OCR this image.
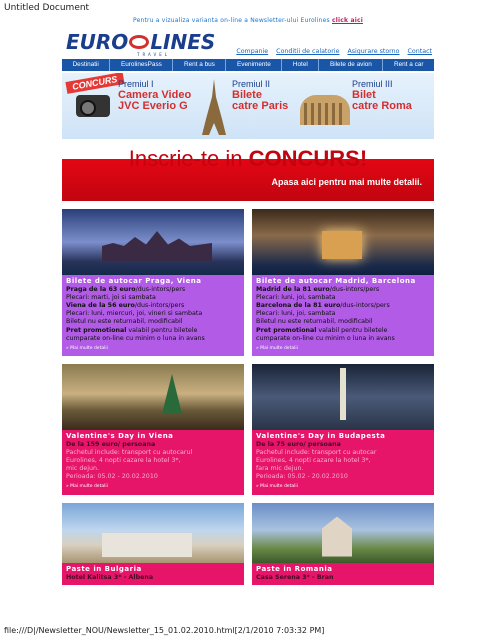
Untitled Document
Pentru a vizualiza varianta on-line a Newsletter-ului Eurolines click aici
EURO LINES
TRAVEL	Companie Conditii de calatorie Asigurare storno Contact
Destinatii	EurolinesPass	Rent a bus	Evenimente	Hotel	Bilete de avion	Rent a car
CONCURS Premiul I
Camera Video
JVC Everio G
Premiul II
Bilete
catre Paris
Premiul III
Bilet
catre Roma
Inscrie-te in CONCURS!
Apasa aici pentru mai multe detalii.
Bilete de autocar Praga, Viena
Praga de la 63 euro/dus-intors/pers
Plecari: marti, joi si sambata
Viena de la 56 euro/dus-intors/pers
Plecari: luni, miercuri, joi, vineri si sambata
Biletul nu este returnabil, modificabil
Pret promotional valabil pentru biletele
cumparate on-line cu minim o luna in avans
» Mai multe detalii
Bilete de autocar Madrid, Barcelona
Madrid de la 81 euro/dus-intors/pers
Plecari: luni, joi, sambata
Barcelona de la 81 euro/dus-intors/pers
Plecari: luni, joi, sambata
Biletul nu este returnabil, modificabil
Pret promotional valabil pentru biletele
cumparate on-line cu minim o luna in avans
» Mai multe detalii
Valentine's Day in Viena
De la 159 euro/ persoana
Pachetul include: transport cu autocarul
Eurolines, 4 nopti cazare la hotel 3*,
mic dejun.
Perioada: 05.02 - 20.02.2010
» Mai multe detalii
Valentine's Day in Budapesta
De la 75 euro/ persoana
Pachetul include: transport cu autocar
Eurolines, 4 nopti cazare la hotel 3*,
fara mic dejun.
Perioada: 05.02 - 20.02.2010
» Mai multe detalii
Paste in Bulgaria
Hotel Kalitsa 3* - Albena
Paste in Romania
Casa Serena 3* - Bran
file:///D|/Newsletter_NOU/Newsletter_15_01.02.2010.html[2/1/2010 7:03:32 PM]
